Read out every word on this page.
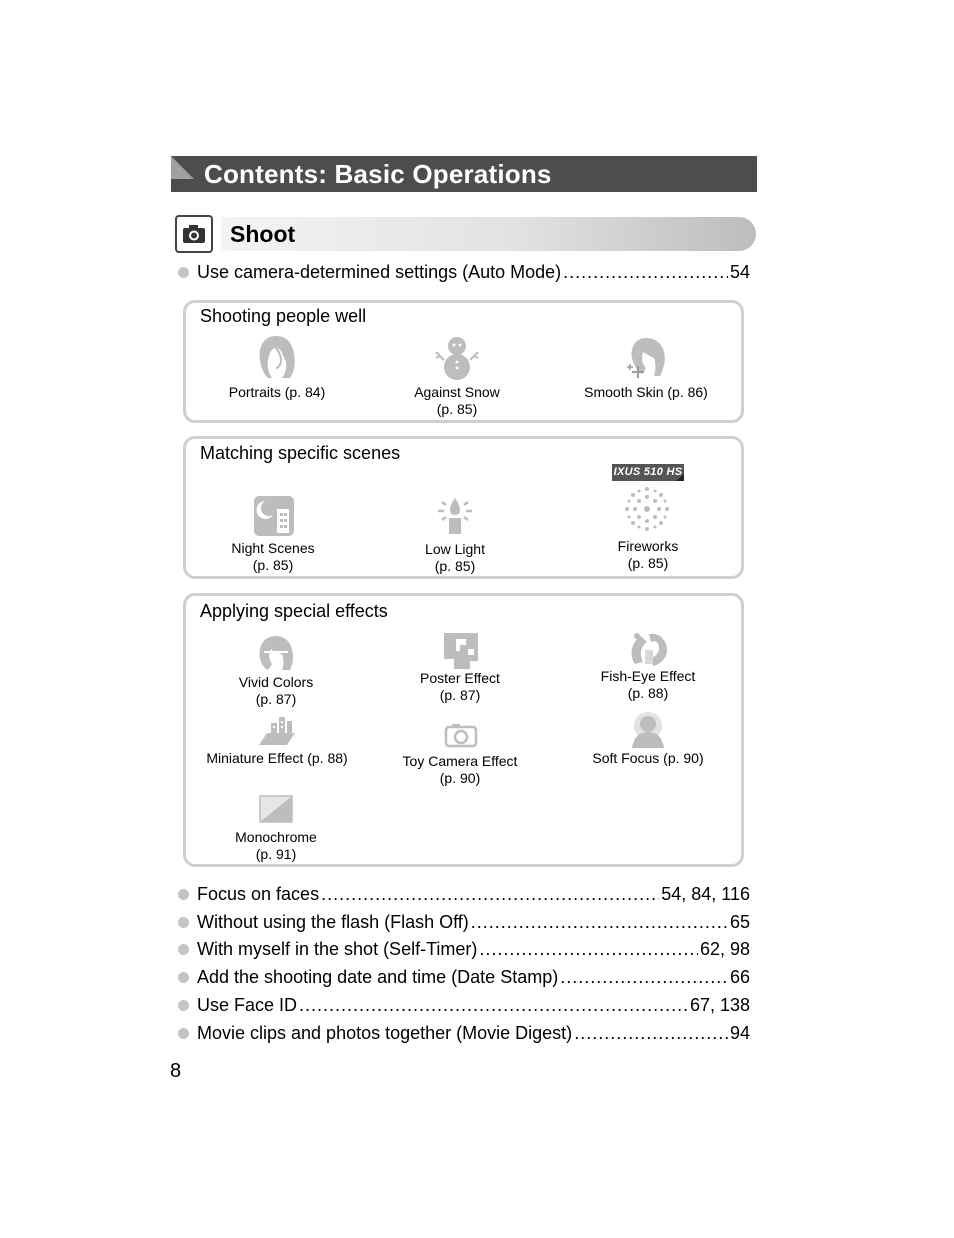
Contents: Basic Operations
Shoot
Use camera-determined settings (Auto Mode) .....	54
Shooting people well
Portraits (p. 84)	Against Snow
(p. 85)
Smooth Skin (p. 86)
Matching specific scenes
IXUS 510 HS
Night Scenes
(p. 85)
Low Light
(p. 85)
Fireworks
(p. 85)
Applying special effects
Vivid Colors
(p. 87)
Poster Effect
(p. 87)
Fish-Eye Effect
(p. 88)
Miniature Effect (p. 88)	Toy Camera Effect
(p. 90)
Soft Focus (p. 90)
Monochrome
(p. 91)
Focus on faces .....	54, 84, 116
Without using the flash (Flash Off) .....	65
With myself in the shot (Self-Timer) .....	62, 98
Add the shooting date and time (Date Stamp) .....	66
Use Face ID .....	67, 138
Movie clips and photos together (Movie Digest) .....	94
8
